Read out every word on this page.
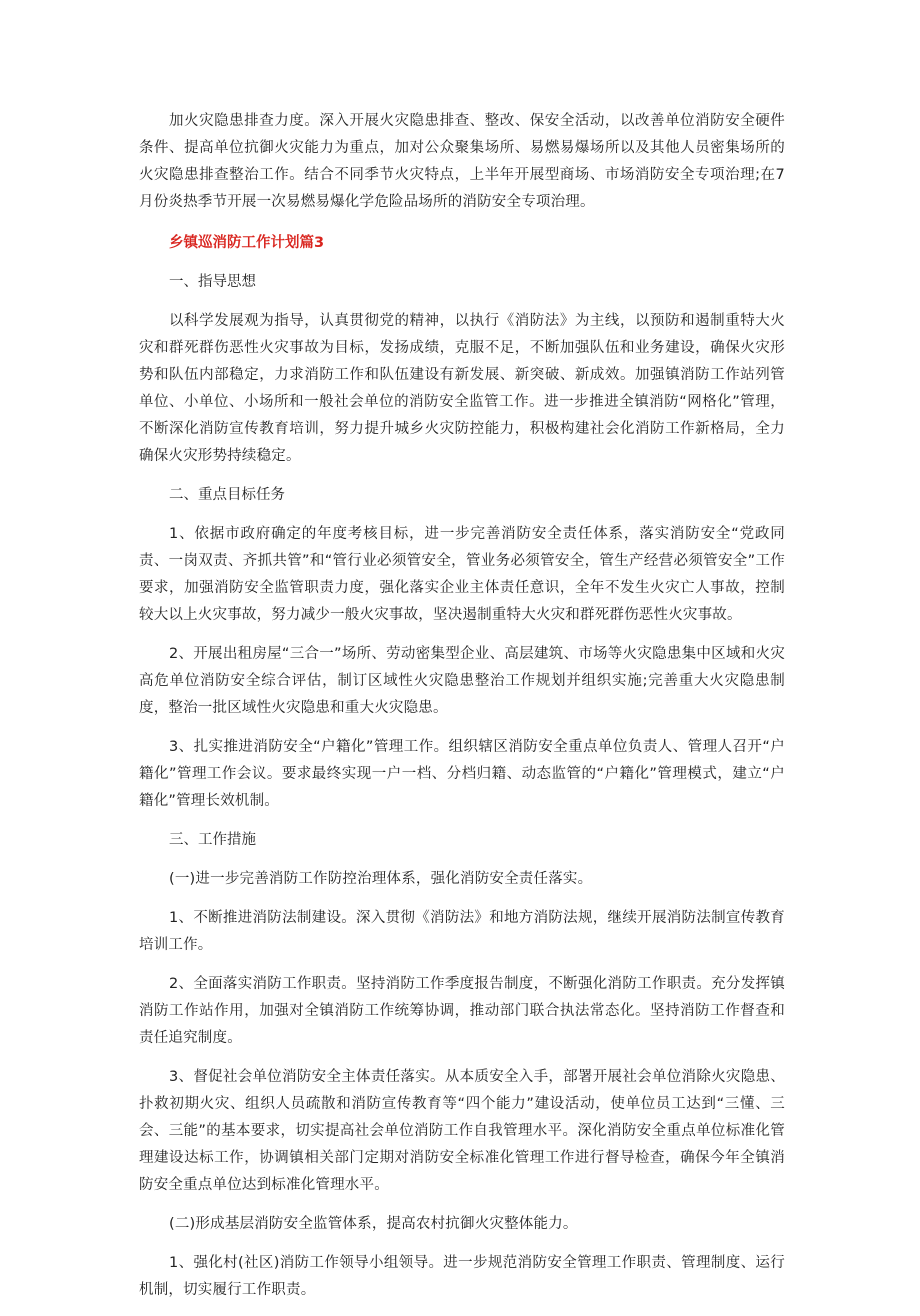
加火灾隐患排查力度。深入开展火灾隐患排查、整改、保安全活动，以改善单位消防安全硬件条件、提高单位抗御火灾能力为重点，加对公众聚集场所、易燃易爆场所以及其他人员密集场所的火灾隐患排查整治工作。结合不同季节火灾特点，上半年开展型商场、市场消防安全专项治理;在7月份炎热季节开展一次易燃易爆化学危险品场所的消防安全专项治理。

乡镇巡消防工作计划篇3

一、指导思想

以科学发展观为指导，认真贯彻党的精神，以执行《消防法》为主线，以预防和遏制重特大火灾和群死群伤恶性火灾事故为目标，发扬成绩，克服不足，不断加强队伍和业务建设，确保火灾形势和队伍内部稳定，力求消防工作和队伍建设有新发展、新突破、新成效。加强镇消防工作站列管单位、小单位、小场所和一般社会单位的消防安全监管工作。进一步推进全镇消防“网格化”管理，不断深化消防宣传教育培训，努力提升城乡火灾防控能力，积极构建社会化消防工作新格局，全力确保火灾形势持续稳定。

二、重点目标任务

1、依据市政府确定的年度考核目标，进一步完善消防安全责任体系，落实消防安全“党政同责、一岗双责、齐抓共管”和“管行业必须管安全，管业务必须管安全，管生产经营必须管安全”工作要求，加强消防安全监管职责力度，强化落实企业主体责任意识，全年不发生火灾亡人事故，控制较大以上火灾事故，努力减少一般火灾事故，坚决遏制重特大火灾和群死群伤恶性火灾事故。

2、开展出租房屋“三合一”场所、劳动密集型企业、高层建筑、市场等火灾隐患集中区域和火灾高危单位消防安全综合评估，制订区域性火灾隐患整治工作规划并组织实施;完善重大火灾隐患制度，整治一批区域性火灾隐患和重大火灾隐患。

3、扎实推进消防安全“户籍化”管理工作。组织辖区消防安全重点单位负责人、管理人召开“户籍化”管理工作会议。要求最终实现一户一档、分档归籍、动态监管的“户籍化”管理模式，建立“户籍化”管理长效机制。

三、工作措施

(一)进一步完善消防工作防控治理体系，强化消防安全责任落实。

1、不断推进消防法制建设。深入贯彻《消防法》和地方消防法规，继续开展消防法制宣传教育培训工作。

2、全面落实消防工作职责。坚持消防工作季度报告制度，不断强化消防工作职责。充分发挥镇消防工作站作用，加强对全镇消防工作统筹协调，推动部门联合执法常态化。坚持消防工作督查和责任追究制度。

3、督促社会单位消防安全主体责任落实。从本质安全入手，部署开展社会单位消除火灾隐患、扑救初期火灾、组织人员疏散和消防宣传教育等“四个能力”建设活动，使单位员工达到“三懂、三会、三能”的基本要求，切实提高社会单位消防工作自我管理水平。深化消防安全重点单位标准化管理建设达标工作，协调镇相关部门定期对消防安全标准化管理工作进行督导检查，确保今年全镇消防安全重点单位达到标准化管理水平。

(二)形成基层消防安全监管体系，提高农村抗御火灾整体能力。

1、强化村(社区)消防工作领导小组领导。进一步规范消防安全管理工作职责、管理制度、运行机制，切实履行工作职责。
